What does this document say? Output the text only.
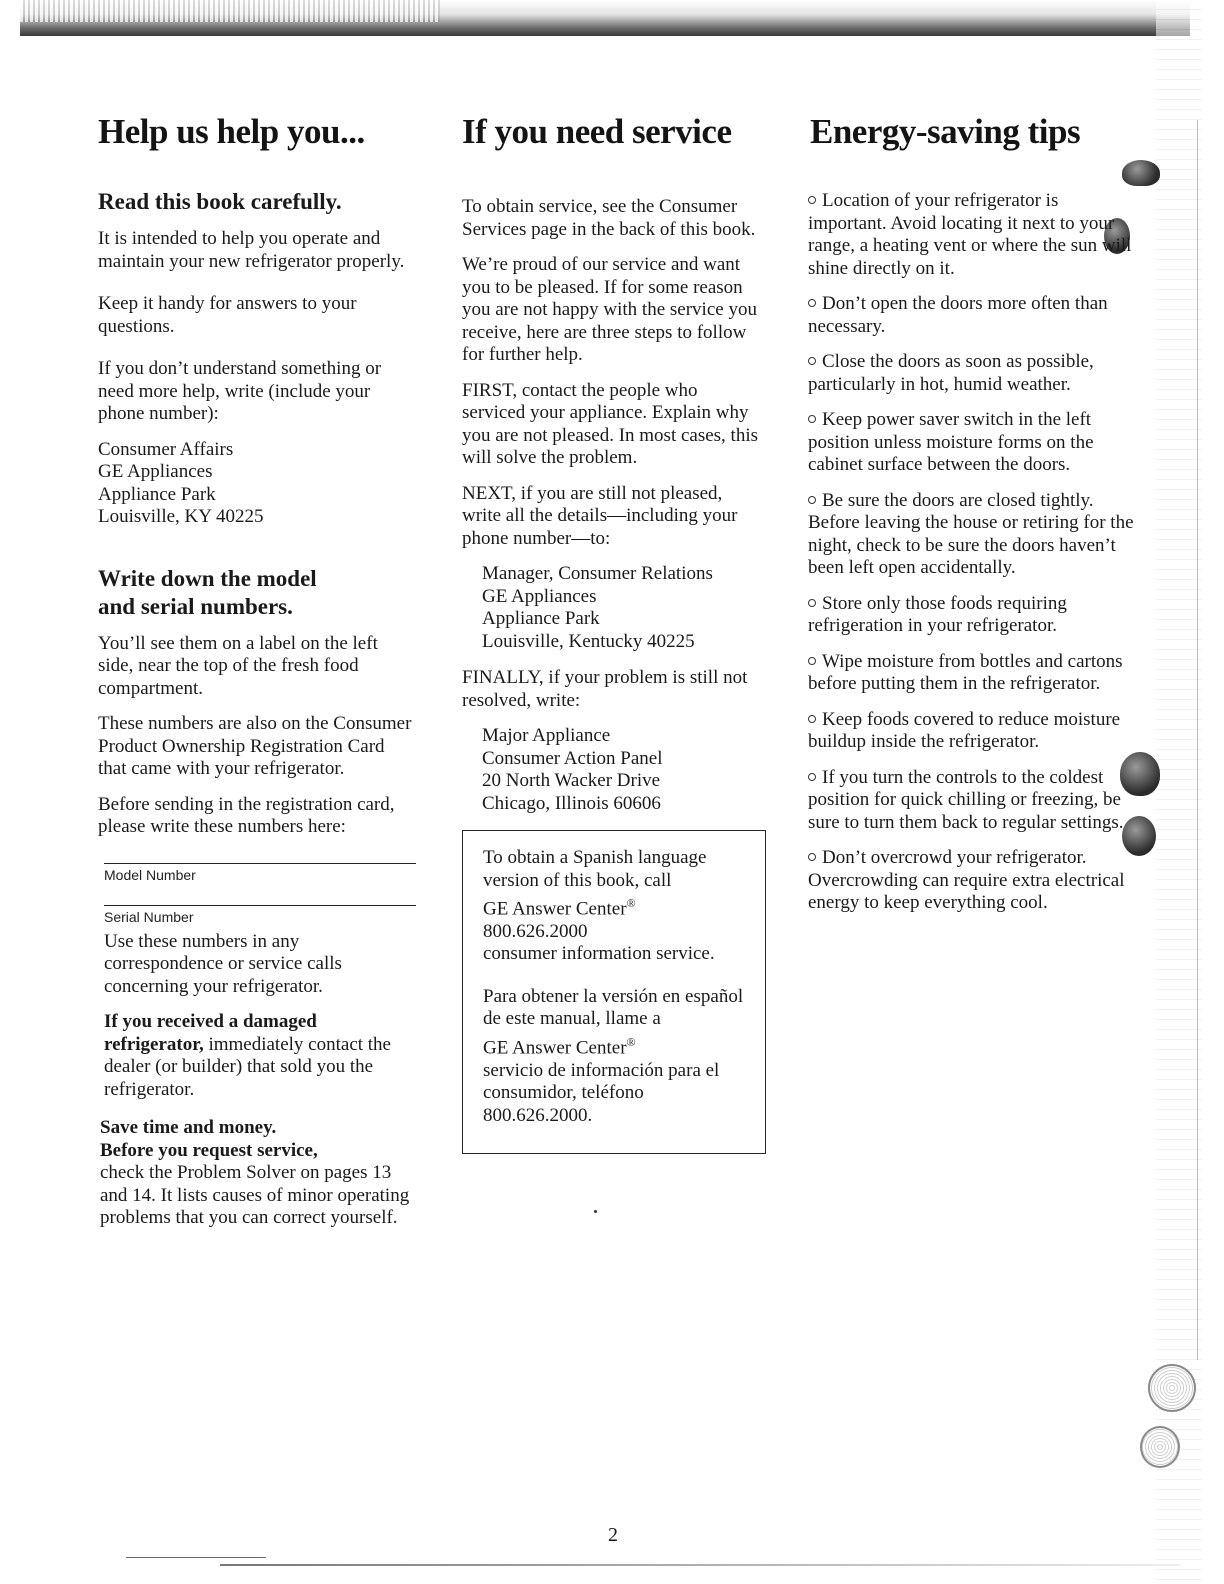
Help us help you...
Read this book carefully.

It is intended to help you operate and maintain your new refrigerator properly.

Keep it handy for answers to your questions.

If you don’t understand something or need more help, write (include your phone number):

Consumer Affairs
GE Appliances
Appliance Park
Louisville, KY 40225
Write down the model
and serial numbers.

You’ll see them on a label on the left side, near the top of the fresh food compartment.

These numbers are also on the Consumer Product Ownership Registration Card that came with your refrigerator.

Before sending in the registration card, please write these numbers here:

Model Number
Serial Number

Use these numbers in any correspondence or service calls concerning your refrigerator.

If you received a damaged refrigerator, immediately contact the dealer (or builder) that sold you the refrigerator.

Save time and money.
Before you request service,
check the Problem Solver on pages 13 and 14. It lists causes of minor operating problems that you can correct yourself.

If you need service

To obtain service, see the Consumer Services page in the back of this book.

We’re proud of our service and want you to be pleased. If for some reason you are not happy with the service you receive, here are three steps to follow for further help.

FIRST, contact the people who serviced your appliance. Explain why you are not pleased. In most cases, this will solve the problem.

NEXT, if you are still not pleased, write all the details—including your phone number—to:

Manager, Consumer Relations
GE Appliances
Appliance Park
Louisville, Kentucky 40225

FINALLY, if your problem is still not resolved, write:

Major Appliance
Consumer Action Panel
20 North Wacker Drive
Chicago, Illinois 60606

To obtain a Spanish language version of this book, call
GE Answer Center®
800.626.2000
consumer information service.

Para obtener la versión en español de este manual, llame a
GE Answer Center®
servicio de información para el consumidor, teléfono 800.626.2000.

Energy-saving tips

Location of your refrigerator is important. Avoid locating it next to your range, a heating vent or where the sun will shine directly on it.

Don’t open the doors more often than necessary.

Close the doors as soon as possible, particularly in hot, humid weather.

Keep power saver switch in the left position unless moisture forms on the cabinet surface between the doors.

Be sure the doors are closed tightly. Before leaving the house or retiring for the night, check to be sure the doors haven’t been left open accidentally.

Store only those foods requiring refrigeration in your refrigerator.

Wipe moisture from bottles and cartons before putting them in the refrigerator.

Keep foods covered to reduce moisture buildup inside the refrigerator.

If you turn the controls to the coldest position for quick chilling or freezing, be sure to turn them back to regular settings.

Don’t overcrowd your refrigerator. Overcrowding can require extra electrical energy to keep everything cool.

2
